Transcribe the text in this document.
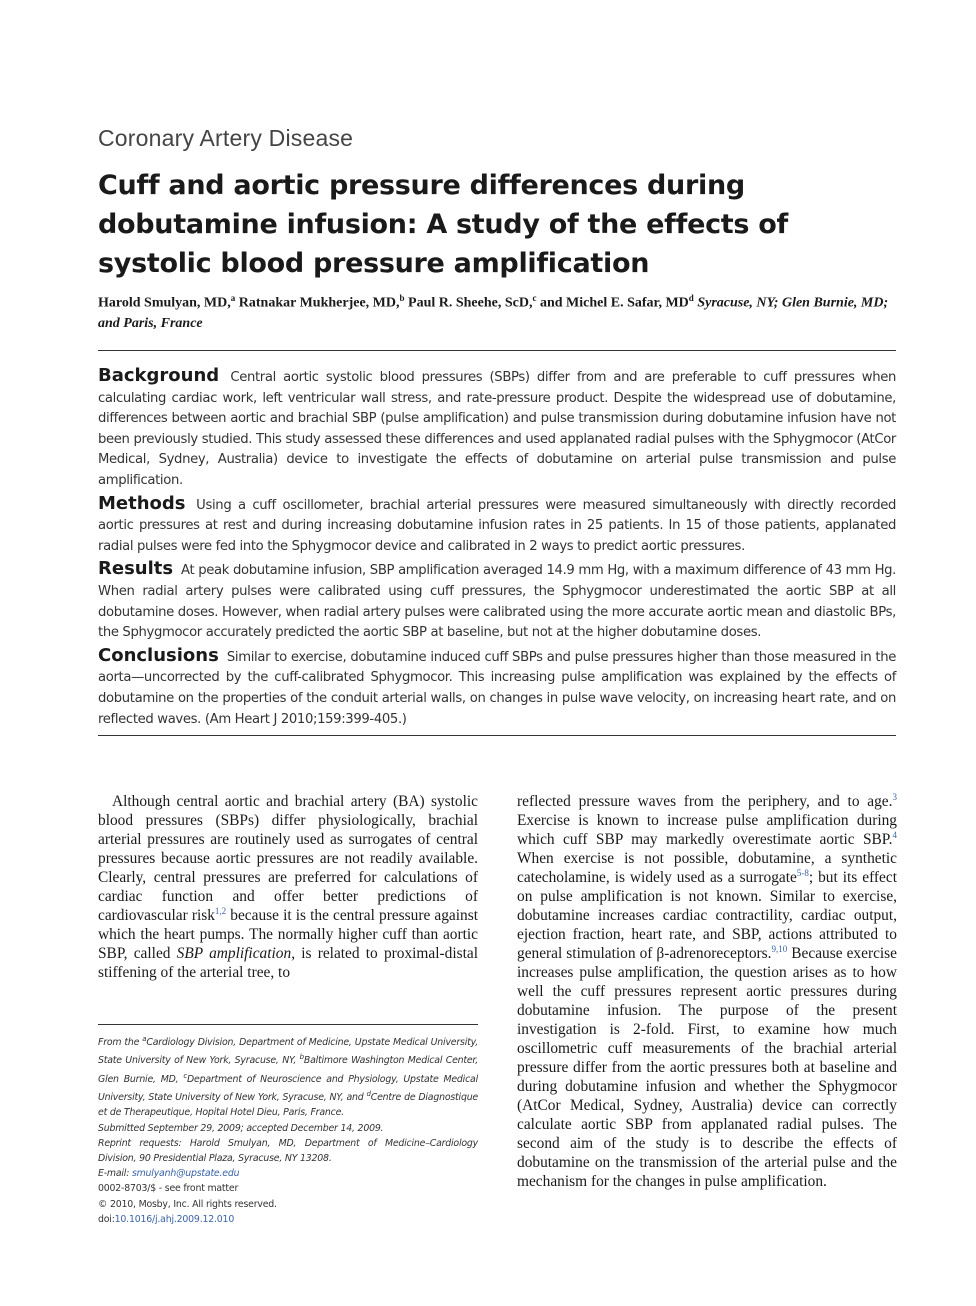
Coronary Artery Disease
Cuff and aortic pressure differences during dobutamine infusion: A study of the effects of systolic blood pressure amplification
Harold Smulyan, MD,$^a$ Ratnakar Mukherjee, MD,$^b$ Paul R. Sheehe, ScD,$^c$ and Michel E. Safar, $MD^d$ Syracuse, NY; Glen Burnie, MD; and Paris, France

Background Central aortic systolic blood pressures (SBPs) differ from and are preferable to cuff pressures when calculating cardiac work, left ventricular wall stress, and rate-pressure product. Despite the widespread use of dobutamine, differences between aortic and brachial SBP (pulse amplification) and pulse transmission during dobutamine infusion have not been previously studied. This study assessed these differences and used applanated radial pulses with the Sphygmocor (AtCor Medical, Sydney, Australia) device to investigate the effects of dobutamine on arterial pulse transmission and pulse amplification.

Methods Using a cuff oscillometer, brachial arterial pressures were measured simultaneously with directly recorded aortic pressures at rest and during increasing dobutamine infusion rates in 25 patients. In 15 of those patients, applanated radial pulses were fed into the Sphygmocor device and calibrated in 2 ways to predict aortic pressures.

Results At peak dobutamine infusion, SBP amplification averaged 14.9 mm Hg, with a maximum difference of 43 mm Hg. When radial artery pulses were calibrated using cuff pressures, the Sphygmocor underestimated the aortic SBP at all dobutamine doses. However, when radial artery pulses were calibrated using the more accurate aortic mean and diastolic BPs, the Sphygmocor accurately predicted the aortic SBP at baseline, but not at the higher dobutamine doses.

Conclusions Similar to exercise, dobutamine induced cuff SBPs and pulse pressures higher than those measured in the aorta—uncorrected by the cuff-calibrated Sphygmocor. This increasing pulse amplification was explained by the effects of dobutamine on the properties of the conduit arterial walls, on changes in pulse wave velocity, on increasing heart rate, and on reflected waves. (Am Heart J 2010;159:399-405.)

Although central aortic and brachial artery (BA) systolic blood pressures (SBPs) differ physiologically, brachial arterial pressures are routinely used as surrogates of central pressures because aortic pressures are not readily available. Clearly, central pressures are preferred for calculations of cardiac function and offer better predictions of cardiovascular risk$^{1,2}$ because it is the central pressure against which the heart pumps. The normally higher cuff than aortic SBP, called SBP amplification, is related to proximal-distal stiffening of the arterial tree, to
reflected pressure waves from the periphery, and to age.$^3$ Exercise is known to increase pulse amplification during which cuff SBP may markedly overestimate aortic SBP.$^4$ When exercise is not possible, dobutamine, a synthetic catecholamine, is widely used as a surrogate$^{5-8}$; but its effect on pulse amplification is not known. Similar to exercise, dobutamine increases cardiac contractility, cardiac output, ejection fraction, heart rate, and SBP, actions attributed to general stimulation of β-adrenoreceptors.$^{9,10}$ Because exercise increases pulse amplification, the question arises as to how well the cuff pressures represent aortic pressures during dobutamine infusion. The purpose of the present investigation is 2-fold. First, to examine how much oscillometric cuff measurements of the brachial arterial pressure differ from the aortic pressures both at baseline and during dobutamine infusion and whether the Sphygmocor (AtCor Medical, Sydney, Australia) device can correctly calculate aortic SBP from applanated radial pulses. The second aim of the study is to describe the effects of dobutamine on the transmission of the arterial pulse and the mechanism for the changes in pulse amplification.

From the $^a$Cardiology Division, Department of Medicine, Upstate Medical University, State University of New York, Syracuse, NY, $^b$Baltimore Washington Medical Center, Glen Burnie, MD, $^c$Department of Neuroscience and Physiology, Upstate Medical University, State University of New York, Syracuse, NY, and $^d$Centre de Diagnostique et de Therapeutique, Hopital Hotel Dieu, Paris, France.

Submitted September 29, 2009; accepted December 14, 2009.

Reprint requests: Harold Smulyan, MD, Department of Medicine–Cardiology Division, 90 Presidential Plaza, Syracuse, NY 13208.

E-mail: smulyanh@upstate.edu

0002-8703/$ - see front matter

© 2010, Mosby, Inc. All rights reserved.

doi:10.1016/j.ahj.2009.12.010
